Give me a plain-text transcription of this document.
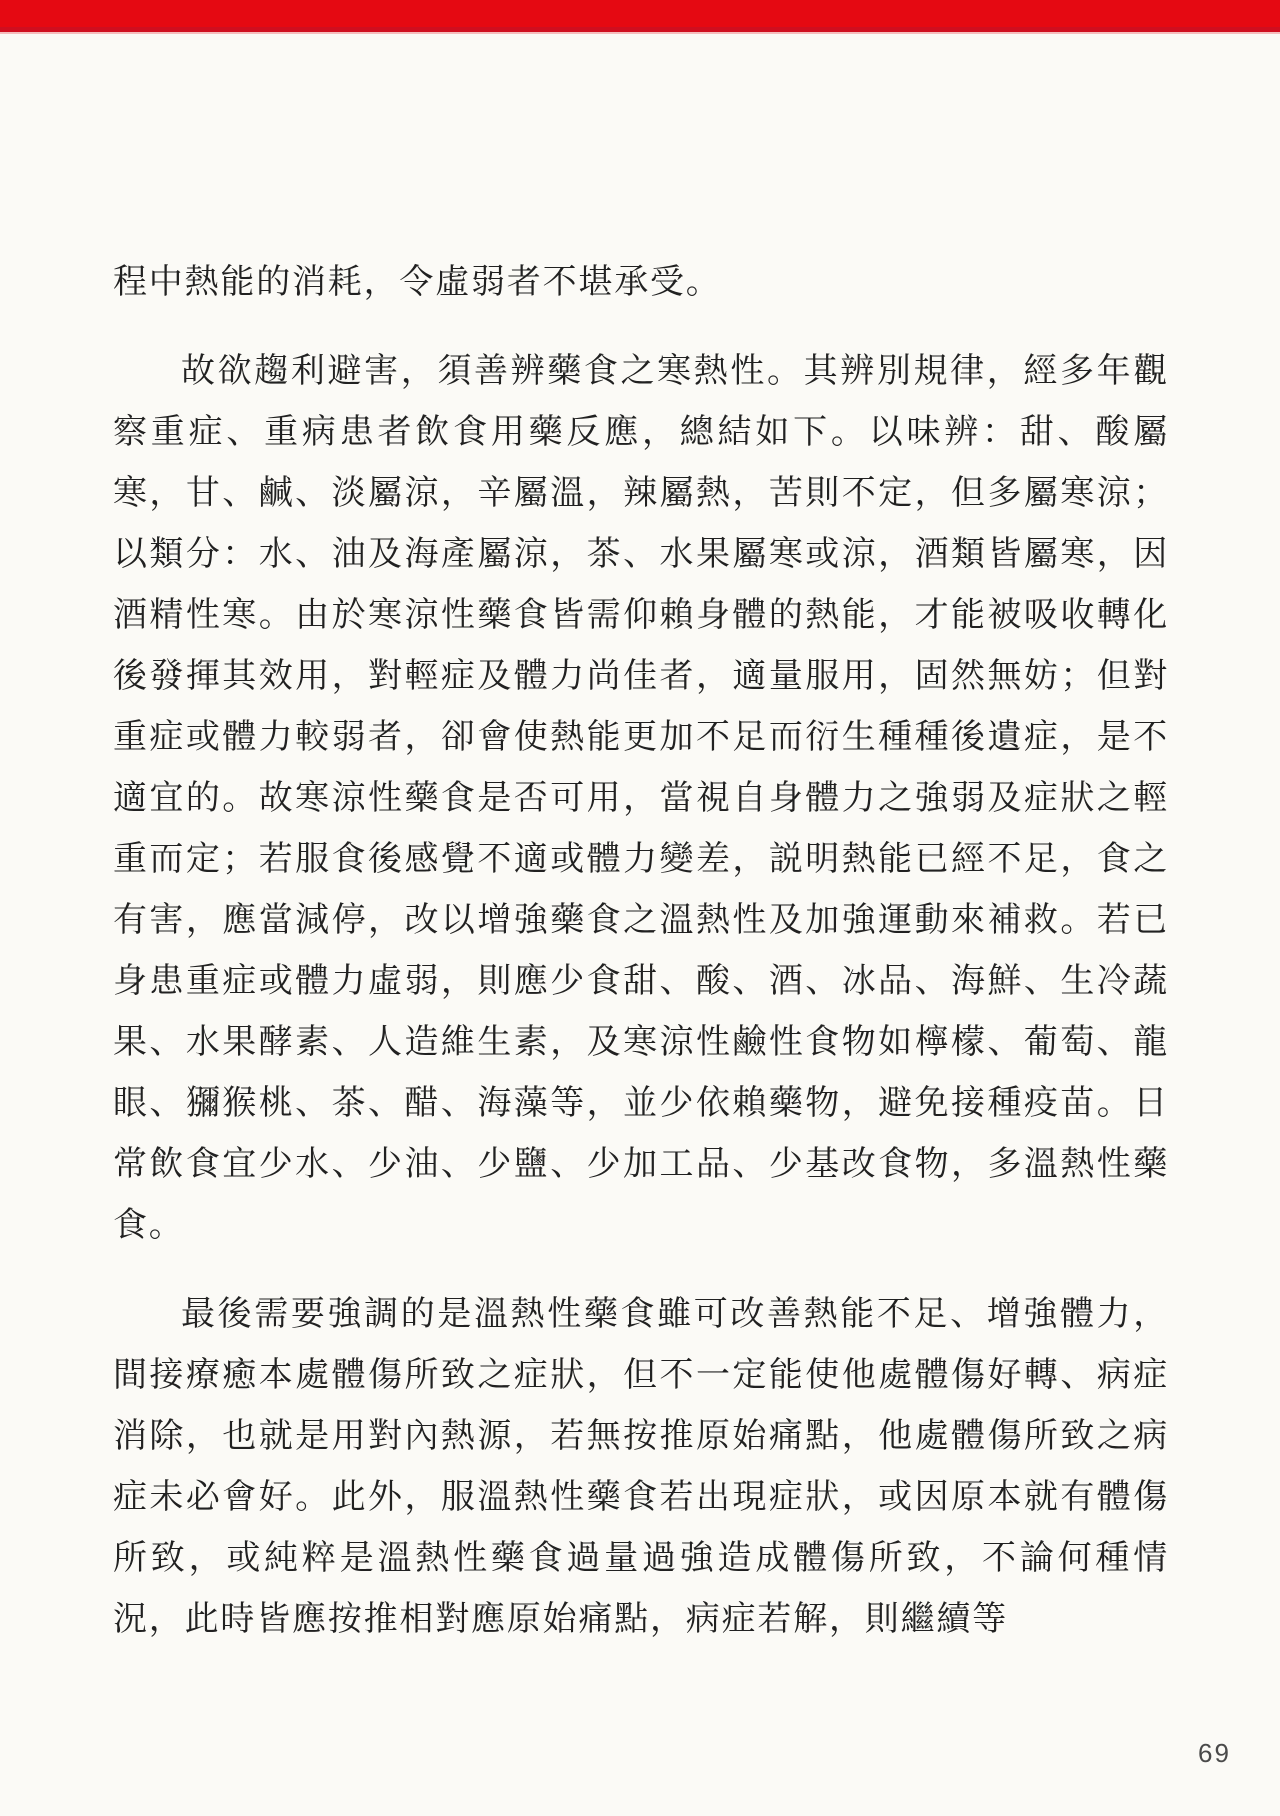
程中熱能的消耗，令虛弱者不堪承受。

故欲趨利避害，須善辨藥食之寒熱性。其辨別規律，經多年觀察重症、重病患者飲食用藥反應，總結如下。以味辨：甜、酸屬寒，甘、鹹、淡屬涼，辛屬溫，辣屬熱，苦則不定，但多屬寒涼；以類分：水、油及海產屬涼，茶、水果屬寒或涼，酒類皆屬寒，因酒精性寒。由於寒涼性藥食皆需仰賴身體的熱能，才能被吸收轉化後發揮其效用，對輕症及體力尚佳者，適量服用，固然無妨；但對重症或體力較弱者，卻會使熱能更加不足而衍生種種後遺症，是不適宜的。故寒涼性藥食是否可用，當視自身體力之強弱及症狀之輕重而定；若服食後感覺不適或體力變差，説明熱能已經不足，食之有害，應當減停，改以增強藥食之溫熱性及加強運動來補救。若已身患重症或體力虛弱，則應少食甜、酸、酒、冰品、海鮮、生冷蔬果、水果酵素、人造維生素，及寒涼性鹼性食物如檸檬、葡萄、龍眼、獼猴桃、茶、醋、海藻等，並少依賴藥物，避免接種疫苗。日常飲食宜少水、少油、少鹽、少加工品、少基改食物，多溫熱性藥食。

最後需要強調的是溫熱性藥食雖可改善熱能不足、增強體力，間接療癒本處體傷所致之症狀，但不一定能使他處體傷好轉、病症消除，也就是用對內熱源，若無按推原始痛點，他處體傷所致之病症未必會好。此外，服溫熱性藥食若出現症狀，或因原本就有體傷所致，或純粹是溫熱性藥食過量過強造成體傷所致，不論何種情況，此時皆應按推相對應原始痛點，病症若解，則繼續等

69
